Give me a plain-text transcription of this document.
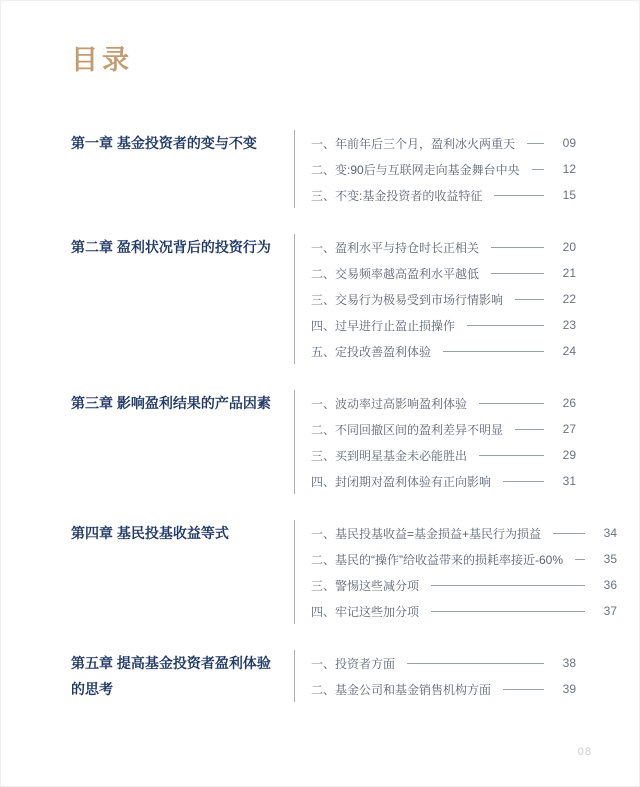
目录
第一章 基金投资者的变与不变	一、年前年后三个月，盈利冰火两重天	09
二、变:90后与互联网走向基金舞台中央	12
三、不变:基金投资者的收益特征	15
第二章 盈利状况背后的投资行为	一、盈利水平与持仓时长正相关	20
二、交易频率越高盈利水平越低	21
三、交易行为极易受到市场行情影响	22
四、过早进行止盈止损操作	23
五、定投改善盈利体验	24
第三章 影响盈利结果的产品因素	一、波动率过高影响盈利体验	26
二、不同回撤区间的盈利差异不明显	27
三、买到明星基金未必能胜出	29
四、封闭期对盈利体验有正向影响	31
第四章 基民投基收益等式	一、基民投基收益=基金损益+基民行为损益	34
二、基民的“操作”给收益带来的损耗率接近-60%	35
三、警惕这些减分项	36
四、牢记这些加分项	37
第五章 提高基金投资者盈利体验的思考
一、投资者方面	38
二、基金公司和基金销售机构方面	39
08
